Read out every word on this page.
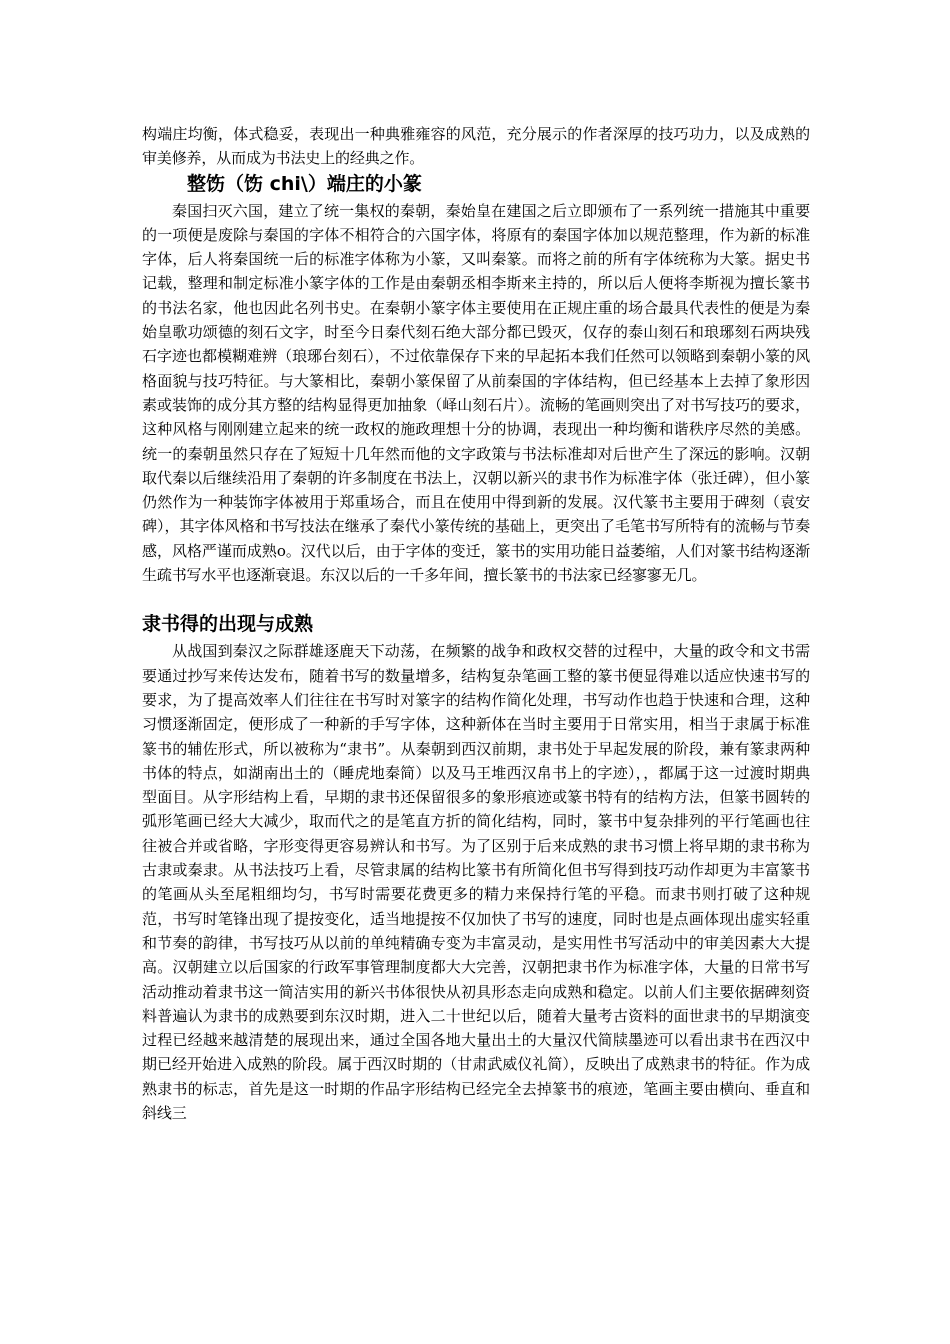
构端庄均衡，体式稳妥，表现出一种典雅雍容的风范，充分展示的作者深厚的技巧功力，以及成熟的审美修养，从而成为书法史上的经典之作。

整饬（饬 chi\）端庄的小篆

秦国扫灭六国，建立了统一集权的秦朝，秦始皇在建国之后立即颁布了一系列统一措施其中重要的一项便是废除与秦国的字体不相符合的六国字体，将原有的秦国字体加以规范整理，作为新的标准字体，后人将秦国统一后的标准字体称为小篆，又叫秦篆。而将之前的所有字体统称为大篆。据史书记载，整理和制定标准小篆字体的工作是由秦朝丞相李斯来主持的，所以后人便将李斯视为擅长篆书的书法名家，他也因此名列书史。在秦朝小篆字体主要使用在正规庄重的场合最具代表性的便是为秦始皇歌功颂德的刻石文字，时至今日秦代刻石绝大部分都已毁灭，仅存的泰山刻石和琅琊刻石两块残石字迹也都模糊难辨（琅琊台刻石），不过依靠保存下来的早起拓本我们任然可以领略到秦朝小篆的风格面貌与技巧特征。与大篆相比，秦朝小篆保留了从前秦国的字体结构，但已经基本上去掉了象形因素或装饰的成分其方整的结构显得更加抽象（峄山刻石片）。流畅的笔画则突出了对书写技巧的要求，这种风格与刚刚建立起来的统一政权的施政理想十分的协调，表现出一种均衡和谐秩序尽然的美感。统一的秦朝虽然只存在了短短十几年然而他的文字政策与书法标准却对后世产生了深远的影响。汉朝取代秦以后继续沿用了秦朝的许多制度在书法上，汉朝以新兴的隶书作为标准字体（张迁碑），但小篆仍然作为一种装饰字体被用于郑重场合，而且在使用中得到新的发展。汉代篆书主要用于碑刻（袁安碑），其字体风格和书写技法在继承了秦代小篆传统的基础上，更突出了毛笔书写所特有的流畅与节奏感，风格严谨而成熟o。汉代以后，由于字体的变迁，篆书的实用功能日益萎缩，人们对篆书结构逐渐生疏书写水平也逐渐衰退。东汉以后的一千多年间，擅长篆书的书法家已经寥寥无几。

隶书得的出现与成熟

从战国到秦汉之际群雄逐鹿天下动荡，在频繁的战争和政权交替的过程中，大量的政令和文书需要通过抄写来传达发布，随着书写的数量增多，结构复杂笔画工整的篆书便显得难以适应快速书写的要求，为了提高效率人们往往在书写时对篆字的结构作简化处理，书写动作也趋于快速和合理，这种习惯逐渐固定，便形成了一种新的手写字体，这种新体在当时主要用于日常实用，相当于隶属于标准篆书的辅佐形式，所以被称为“隶书”。从秦朝到西汉前期，隶书处于早起发展的阶段，兼有篆隶两种书体的特点，如湖南出土的（睡虎地秦简）以及马王堆西汉帛书上的字迹），，都属于这一过渡时期典型面目。从字形结构上看，早期的隶书还保留很多的象形痕迹或篆书特有的结构方法，但篆书圆转的弧形笔画已经大大减少，取而代之的是笔直方折的简化结构，同时，篆书中复杂排列的平行笔画也往往被合并或省略，字形变得更容易辨认和书写。为了区别于后来成熟的隶书习惯上将早期的隶书称为古隶或秦隶。从书法技巧上看，尽管隶属的结构比篆书有所简化但书写得到技巧动作却更为丰富篆书的笔画从头至尾粗细均匀，书写时需要花费更多的精力来保持行笔的平稳。而隶书则打破了这种规范，书写时笔锋出现了提按变化，适当地提按不仅加快了书写的速度，同时也是点画体现出虚实轻重和节奏的韵律，书写技巧从以前的单纯精确专变为丰富灵动，是实用性书写活动中的审美因素大大提高。汉朝建立以后国家的行政军事管理制度都大大完善，汉朝把隶书作为标准字体，大量的日常书写活动推动着隶书这一简洁实用的新兴书体很快从初具形态走向成熟和稳定。以前人们主要依据碑刻资料普遍认为隶书的成熟要到东汉时期，进入二十世纪以后，随着大量考古资料的面世隶书的早期演变过程已经越来越清楚的展现出来，通过全国各地大量出土的大量汉代简牍墨迹可以看出隶书在西汉中期已经开始进入成熟的阶段。属于西汉时期的（甘肃武威仪礼简），反映出了成熟隶书的特征。作为成熟隶书的标志，首先是这一时期的作品字形结构已经完全去掉篆书的痕迹，笔画主要由横向、垂直和斜线三
